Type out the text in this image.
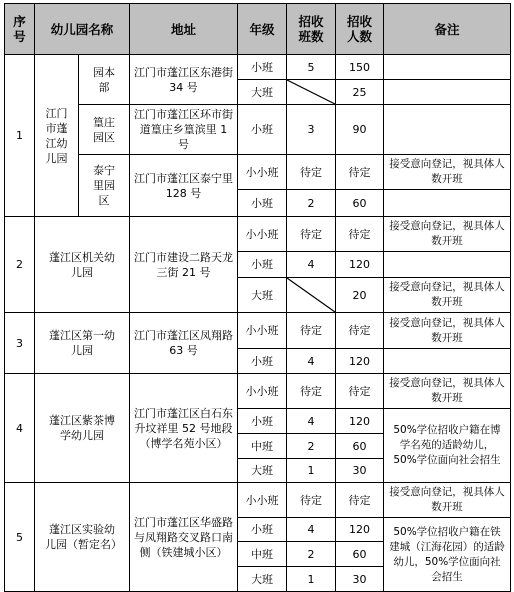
序号	幼儿园名称		地址	年级	招收班数	招收人数	备注
1	江门市蓬江幼儿园	园本部	江门市蓬江区东港街 34 号	小班	5	150	
				大班		25	
		篁庄园区	江门市蓬江区环市街道篁庄乡篁滨里 1 号	小班	3	90	
		泰宁里园区	江门市蓬江区泰宁里 128 号	小小班	待定	待定	接受意向登记，视具体人数开班
				小班	2	60	
2	蓬江区机关幼儿园		江门市建设二路天龙三街 21 号	小小班	待定	待定	接受意向登记，视具体人数开班
				小班	4	120	
				大班		20	接受意向登记，视具体人数开班
3	蓬江区第一幼儿园		江门市蓬江区凤翔路 63 号	小小班	待定	待定	接受意向登记，视具体人数开班
				小班	4	120	
4	蓬江区紫茶博学幼儿园		江门市蓬江区白石东升坟祥里 52 号地段（博学名苑小区）	小小班	待定	待定	接受意向登记，视具体人数开班
				小班	4	120	50%学位招收户籍在博学名苑的适龄幼儿，50%学位面向社会招生
				中班	2	60	
				大班	1	30	
5	蓬江区实验幼儿园（暂定名）		江门市蓬江区华盛路与凤翔路交叉路口南侧（铁建城小区）	小小班	待定	待定	接受意向登记，视具体人数开班
				小班	4	120	50%学位招收户籍在铁建城（江海花园）的适龄幼儿，50%学位面向社会招生
				中班	2	60	
				大班	1	30	
